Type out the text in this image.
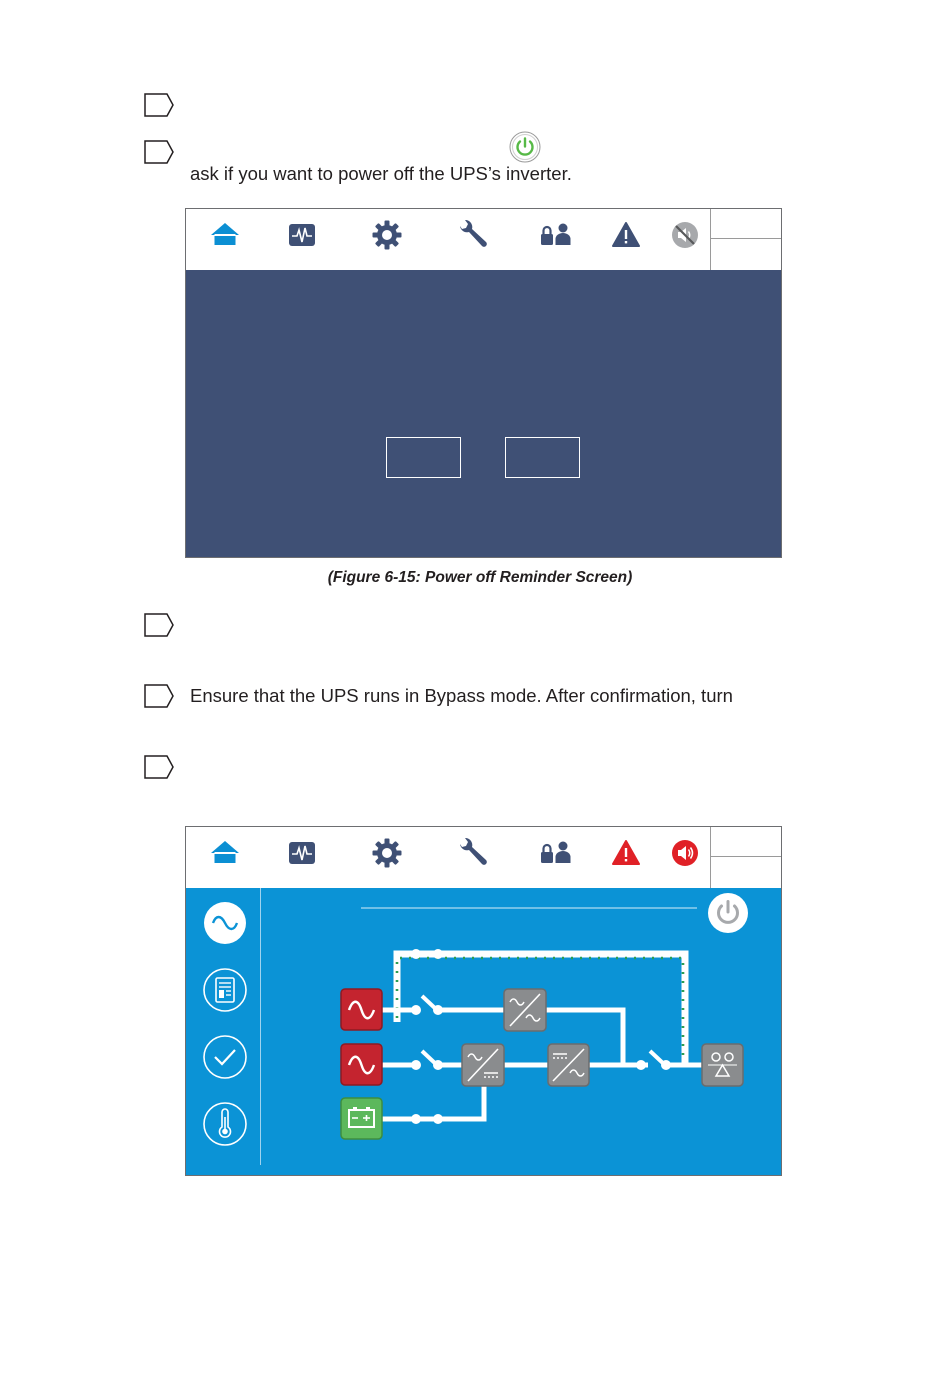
ask if you want to power off the UPS’s inverter.
(Figure 6-15: Power off Reminder Screen)
Ensure that the UPS runs in Bypass mode. After confirmation, turn
